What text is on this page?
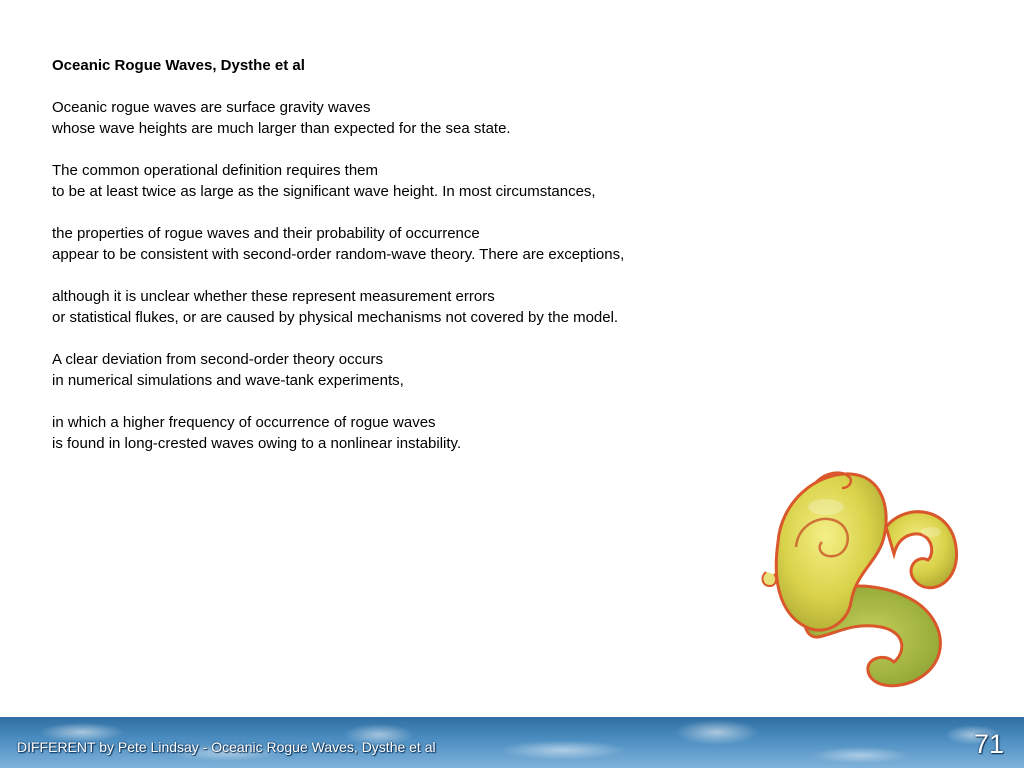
Oceanic Rogue Waves, Dysthe et al
Oceanic rogue waves are surface gravity waves
whose wave heights are much larger than expected for the sea state.
The common operational definition requires them
to be at least twice as large as the significant wave height. In most circumstances,
the properties of rogue waves and their probability of occurrence
appear to be consistent with second-order random-wave theory. There are exceptions,
although it is unclear whether these represent measurement errors
or statistical flukes, or are caused by physical mechanisms not covered by the model.
A clear deviation from second-order theory occurs
in numerical simulations and wave-tank experiments,
in which a higher frequency of occurrence of rogue waves
is found in long-crested waves owing to a nonlinear instability.
DIFFERENT by Pete Lindsay - Oceanic Rogue Waves, Dysthe et al	71
